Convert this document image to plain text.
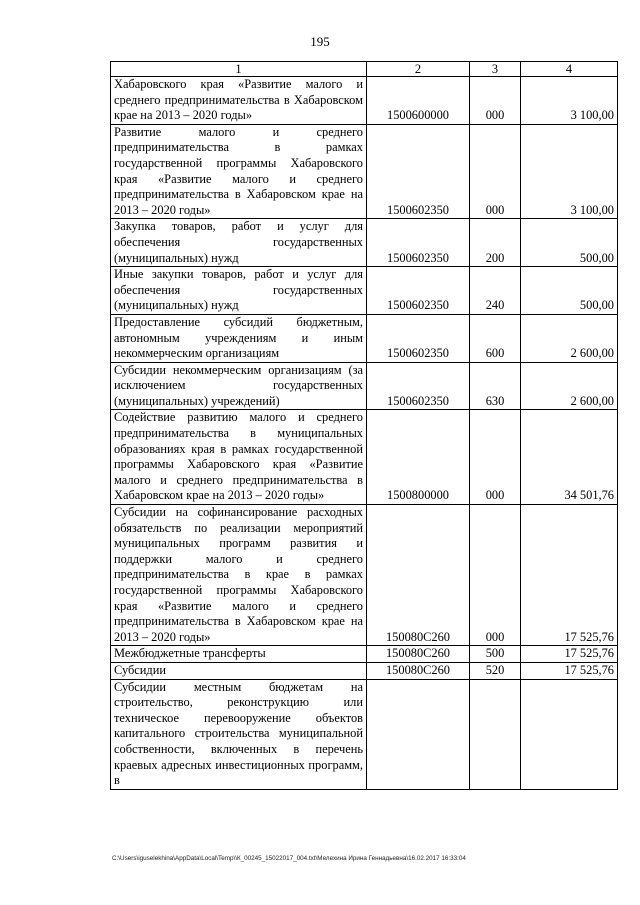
195
1	2	3	4
Хабаровского края «Развитие малого и среднего предпринимательства в Хабаровском крае на 2013 – 2020 годы»	1500600000	000	3 100,00
Развитие малого и среднего предпринимательства в рамках государственной программы Хабаровского края «Развитие малого и среднего предпринимательства в Хабаровском крае на 2013 – 2020 годы»	1500602350	000	3 100,00
Закупка товаров, работ и услуг для обеспечения государственных (муниципальных) нужд	1500602350	200	500,00
Иные закупки товаров, работ и услуг для обеспечения государственных (муниципальных) нужд	1500602350	240	500,00
Предоставление субсидий бюджетным, автономным учреждениям и иным некоммерческим организациям	1500602350	600	2 600,00
Субсидии некоммерческим организациям (за исключением государственных (муниципальных) учреждений)	1500602350	630	2 600,00
Содействие развитию малого и среднего предпринимательства в муниципальных образованиях края в рамках государственной программы Хабаровского края «Развитие малого и среднего предпринимательства в Хабаровском крае на 2013 – 2020 годы»	1500800000	000	34 501,76
Субсидии на софинансирование расходных обязательств по реализации мероприятий муниципальных программ развития и поддержки малого и среднего предпринимательства в крае в рамках государственной программы Хабаровского края «Развитие малого и среднего предпринимательства в Хабаровском крае на 2013 – 2020 годы»	150080С260	000	17 525,76
Межбюджетные трансферты	150080С260	500	17 525,76
Субсидии	150080С260	520	17 525,76
Субсидии местным бюджетам на строительство, реконструкцию или техническое перевооружение объектов капитального строительства муниципальной собственности, включенных в перечень краевых адресных инвестиционных программ, в			
C:\Users\iguselekhina\AppData\Local\Temp\\К_00245_15022017_004.txt\Мелехина Ирина Геннадьевна\16.02.2017 16:33:04
